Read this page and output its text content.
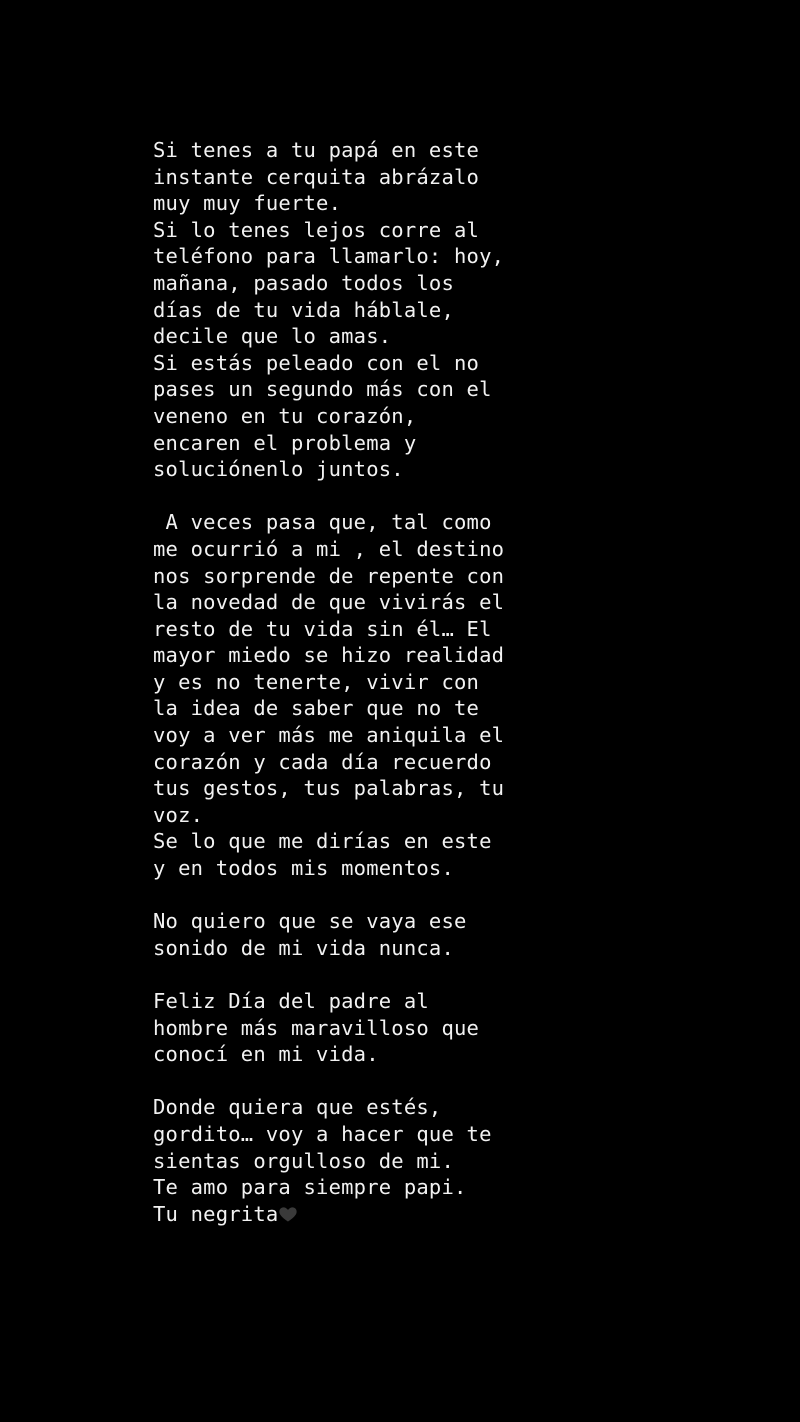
Si tenes a tu papá en este
instante cerquita abrázalo
muy muy fuerte.
Si lo tenes lejos corre al
teléfono para llamarlo: hoy,
mañana, pasado todos los
días de tu vida háblale,
decile que lo amas.
Si estás peleado con el no
pases un segundo más con el
veneno en tu corazón,
encaren el problema y
soluciónenlo juntos.
A veces pasa que, tal como
me ocurrió a mi , el destino
nos sorprende de repente con
la novedad de que vivirás el
resto de tu vida sin él… El
mayor miedo se hizo realidad
y es no tenerte, vivir con
la idea de saber que no te
voy a ver más me aniquila el
corazón y cada día recuerdo
tus gestos, tus palabras, tu
voz.
Se lo que me dirías en este
y en todos mis momentos.
No quiero que se vaya ese
sonido de mi vida nunca.
Feliz Día del padre al
hombre más maravilloso que
conocí en mi vida.
Donde quiera que estés,
gordito… voy a hacer que te
sientas orgulloso de mi.
Te amo para siempre papi.
Tu negrita
